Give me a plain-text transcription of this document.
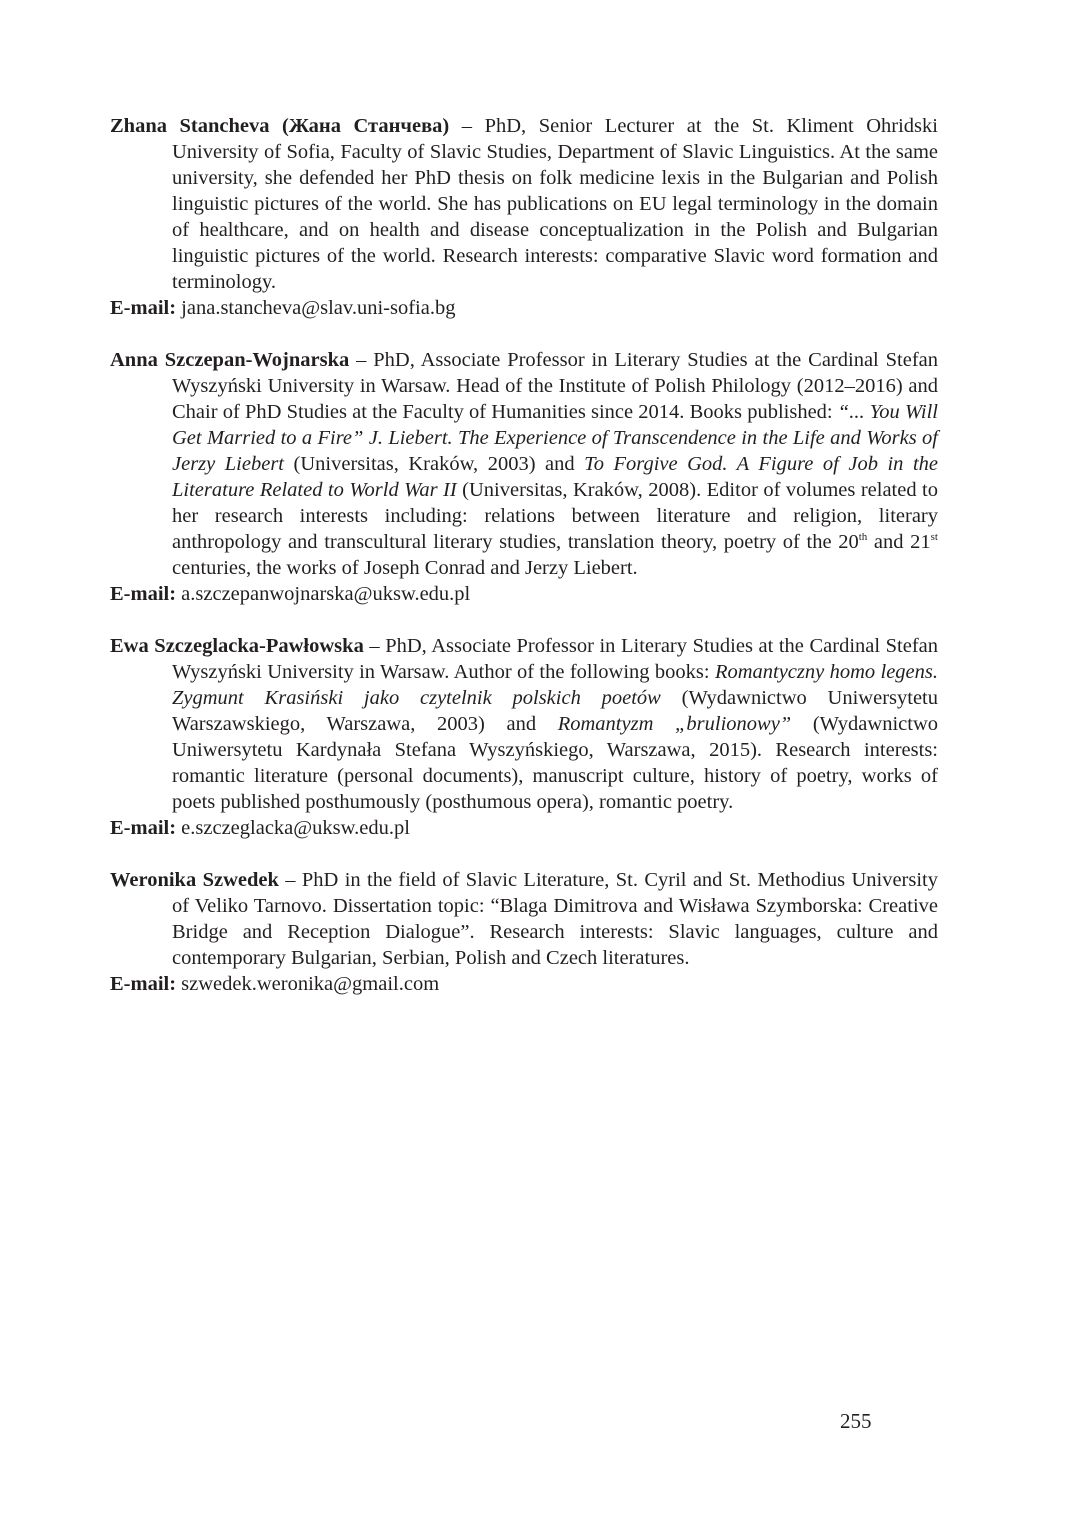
Zhana Stancheva (Жана Станчева) – PhD, Senior Lecturer at the St. Kliment Ohridski University of Sofia, Faculty of Slavic Studies, Department of Slavic Linguistics. At the same university, she defended her PhD thesis on folk medicine lexis in the Bulgarian and Polish linguistic pictures of the world. She has publications on EU legal terminology in the domain of healthcare, and on health and disease conceptualization in the Polish and Bulgarian linguistic pictures of the world. Research interests: comparative Slavic word formation and terminology.
E-mail: jana.stancheva@slav.uni-sofia.bg
Anna Szczepan-Wojnarska – PhD, Associate Professor in Literary Studies at the Cardinal Stefan Wyszyński University in Warsaw. Head of the Institute of Polish Philology (2012–2016) and Chair of PhD Studies at the Faculty of Humanities since 2014. Books published: “... You Will Get Married to a Fire” J. Liebert. The Experience of Transcendence in the Life and Works of Jerzy Liebert (Universitas, Kraków, 2003) and To Forgive God. A Figure of Job in the Literature Related to World War II (Universitas, Kraków, 2008). Editor of volumes related to her research interests including: relations between literature and religion, literary anthropology and transcultural literary studies, translation theory, poetry of the 20th and 21st centuries, the works of Joseph Conrad and Jerzy Liebert.
E-mail: a.szczepanwojnarska@uksw.edu.pl
Ewa Szczeglacka-Pawłowska – PhD, Associate Professor in Literary Studies at the Cardinal Stefan Wyszyński University in Warsaw. Author of the following books: Romantyczny homo legens. Zygmunt Krasiński jako czytelnik polskich poetów (Wydawnictwo Uniwersytetu Warszawskiego, Warszawa, 2003) and Romantyzm „brulionowy” (Wydawnictwo Uniwersytetu Kardynała Stefana Wyszyńskiego, Warszawa, 2015). Research interests: romantic literature (personal documents), manuscript culture, history of poetry, works of poets published posthumously (posthumous opera), romantic poetry.
E-mail: e.szczeglacka@uksw.edu.pl
Weronika Szwedek – PhD in the field of Slavic Literature, St. Cyril and St. Methodius University of Veliko Tarnovo. Dissertation topic: “Blaga Dimitrova and Wisława Szymborska: Creative Bridge and Reception Dialogue”. Research interests: Slavic languages, culture and contemporary Bulgarian, Serbian, Polish and Czech literatures.
E-mail: szwedek.weronika@gmail.com
255
